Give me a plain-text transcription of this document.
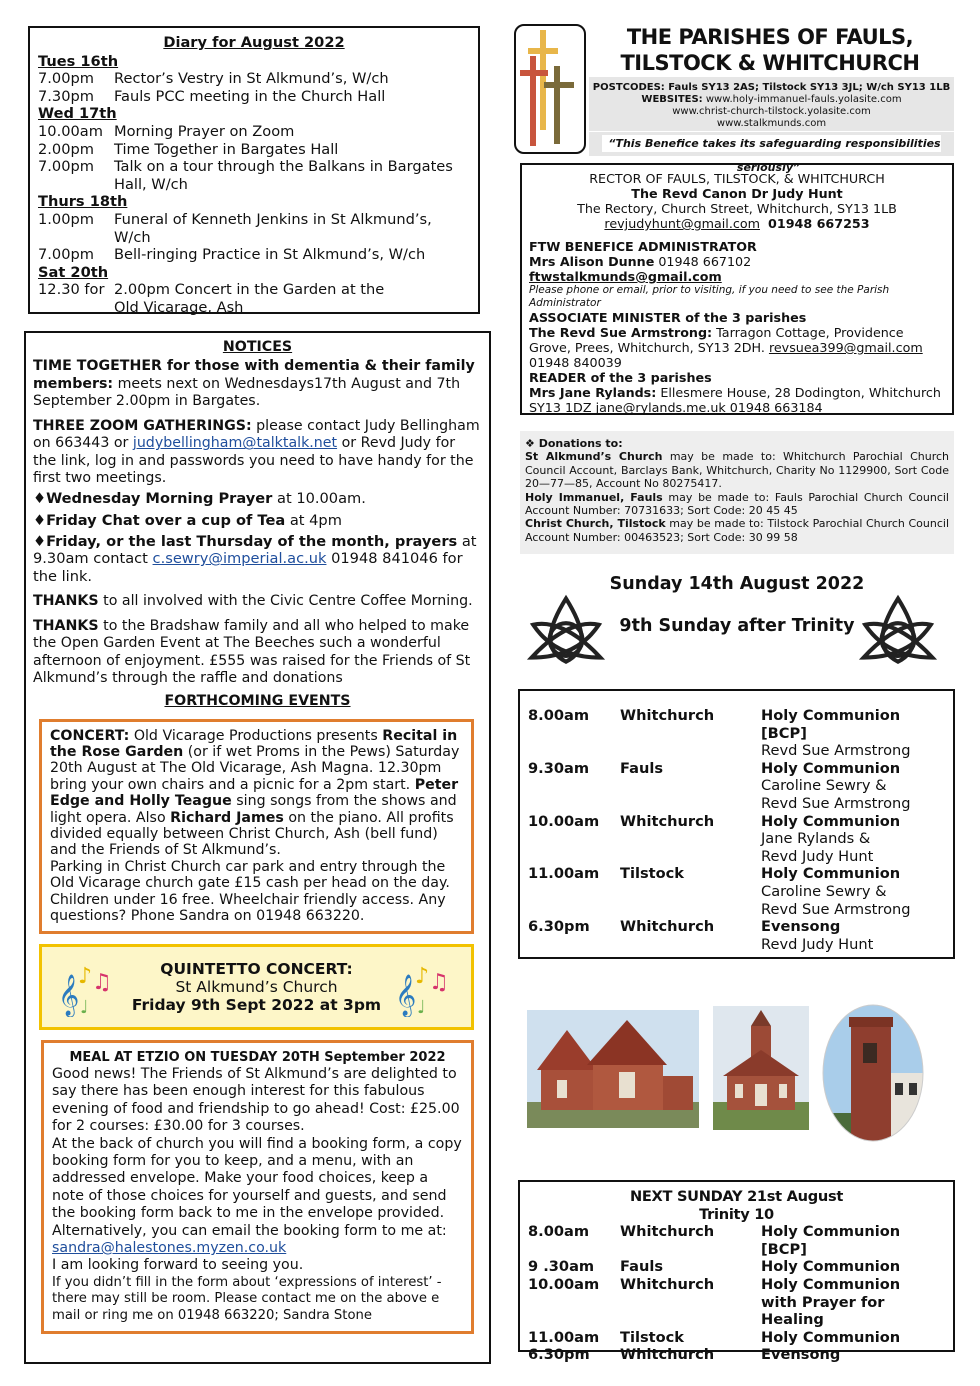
Diary for August 2022
Tues 16th
7.00pm	Rector’s Vestry in St Alkmund’s, W/ch
7.30pm	Fauls PCC meeting in the Church Hall
Wed 17th
10.00am Morning Prayer on Zoom
2.00pm	Time Together in Bargates Hall
7.00pm	Talk on a tour through the Balkans in Bargates
Hall, W/ch
Thurs 18th
1.00pm	Funeral of Kenneth Jenkins in St Alkmund’s, W/ch
7.00pm	Bell-ringing Practice in St Alkmund’s, W/ch
Sat 20th
12.30 for 2.00pm Concert in the Garden at the
Old Vicarage, Ash
NOTICES

TIME TOGETHER for those with dementia & their family members: meets next on Wednesdays17th August and 7th September 2.00pm in Bargates.

THREE ZOOM GATHERINGS: please contact Judy Bellingham on 663443 or judybellingham@talktalk.net or Revd Judy for the link, log in and passwords you need to have handy for the first two meetings.

♦Wednesday Morning Prayer at 10.00am.

♦Friday Chat over a cup of Tea at 4pm

♦Friday, or the last Thursday of the month, prayers at 9.30am contact c.sewry@imperial.ac.uk 01948 841046 for the link.

THANKS to all involved with the Civic Centre Coffee Morning.

THANKS to the Bradshaw family and all who helped to make the Open Garden Event at The Beeches such a wonderful afternoon of enjoyment. £555 was raised for the Friends of St Alkmund’s through the raffle and donations

FORTHCOMING EVENTS
CONCERT: Old Vicarage Productions presents Recital in the Rose Garden (or if wet Proms in the Pews) Saturday 20th August at The Old Vicarage, Ash Magna. 12.30pm bring your own chairs and a picnic for a 2pm start. Peter Edge and Holly Teague sing songs from the shows and light opera. Also Richard James on the piano. All profits divided equally between Christ Church, Ash (bell fund) and the Friends of St Alkmund’s.
Parking in Christ Church car park and entry through the Old Vicarage church gate £15 cash per head on the day. Children under 16 free. Wheelchair friendly access. Any questions? Phone Sandra on 01948 663220.
𝄞
♪ ♫
♩
QUINTETTO CONCERT:
St Alkmund’s Church
Friday 9th Sept 2022 at 3pm 𝄞
♪ ♫
♩
MEAL AT ETZIO ON TUESDAY 20TH September 2022
Good news! The Friends of St Alkmund’s are delighted to say there has been enough interest for this fabulous evening of food and friendship to go ahead! Cost: £25.00 for 2 courses: £30.00 for 3 courses.
At the back of church you will find a booking form, a copy booking form for you to keep, and a menu, with an addressed envelope. Make your food choices, keep a note of those choices for yourself and guests, and send the booking form back to me in the envelope provided. Alternatively, you can email the booking form to me at:
sandra@halestones.myzen.co.uk
I am looking forward to seeing you.
If you didn’t fill in the form about ‘expressions of interest’ - there may still be room. Please contact me on the above e mail or ring me on 01948 663220; Sandra Stone
THE PARISHES OF FAULS,
TILSTOCK & WHITCHURCH
POSTCODES: Fauls SY13 2AS; Tilstock SY13 3JL; W/ch SY13 1LB
WEBSITES: www.holy-immanuel-fauls.yolasite.com
www.christ-church-tilstock.yolasite.com
www.stalkmunds.com
“This Benefice takes its safeguarding responsibilities seriously”
RECTOR OF FAULS, TILSTOCK, & WHITCHURCH
The Revd Canon Dr Judy Hunt
The Rectory, Church Street, Whitchurch, SY13 1LB
revjudyhunt@gmail.com 01948 667253
FTW BENEFICE ADMINISTRATOR
Mrs Alison Dunne 01948 667102 ftwstalkmunds@gmail.com
Please phone or email, prior to visiting, if you need to see the Parish Administrator
ASSOCIATE MINISTER of the 3 parishes
The Revd Sue Armstrong: Tarragon Cottage, Providence Grove, Prees, Whitchurch, SY13 2DH. revsuea399@gmail.com
01948 840039
READER of the 3 parishes
Mrs Jane Rylands: Ellesmere House, 28 Dodington, Whitchurch SY13 1DZ jane@rylands.me.uk 01948 663184
❖ Donations to:
St Alkmund’s Church may be made to: Whitchurch Parochial Church Council Account, Barclays Bank, Whitchurch, Charity No 1129900, Sort Code 20—77—85, Account No 80275417.
Holy Immanuel, Fauls may be made to: Fauls Parochial Church Council Account Number: 70731633; Sort Code: 20 45 45
Christ Church, Tilstock may be made to: Tilstock Parochial Church Council Account Number: 00463523; Sort Code: 30 99 58
Sunday 14th August 2022
9th Sunday after Trinity
8.00am	Whitchurch	Holy Communion [BCP]
Revd Sue Armstrong
9.30am	Fauls	Holy Communion
Caroline Sewry &
Revd Sue Armstrong
10.00am	Whitchurch	Holy Communion
Jane Rylands &
Revd Judy Hunt
11.00am	Tilstock	Holy Communion
Caroline Sewry &
Revd Sue Armstrong
6.30pm	Whitchurch	Evensong
Revd Judy Hunt
NEXT SUNDAY 21st August
Trinity 10
8.00am	Whitchurch	Holy Communion [BCP]
9 .30am	Fauls	Holy Communion
10.00am	Whitchurch	Holy Communion
with Prayer for Healing
11.00am	Tilstock	Holy Communion
6.30pm	Whitchurch	Evensong
